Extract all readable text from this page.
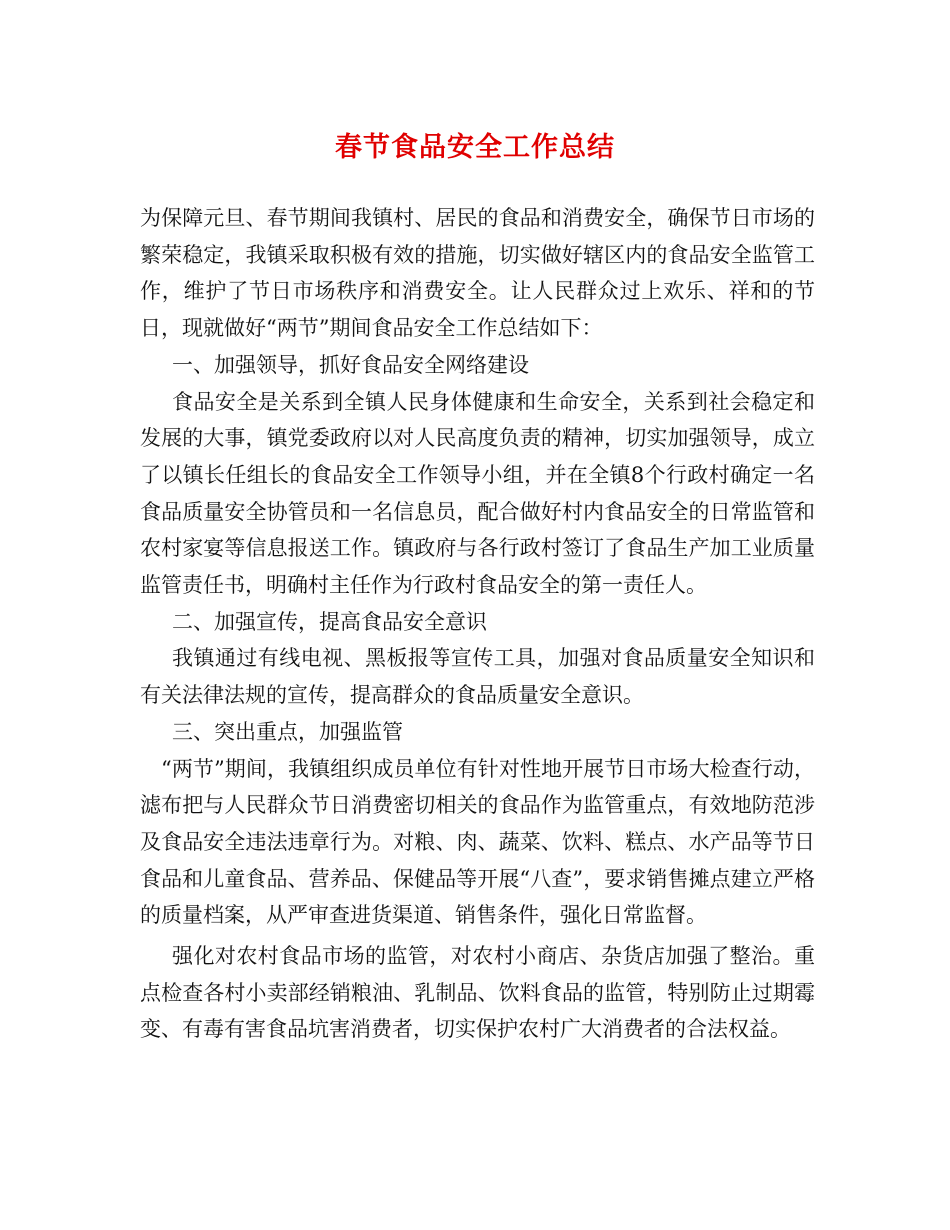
春节食品安全工作总结

为保障元旦、春节期间我镇村、居民的食品和消费安全，确保节日市场的繁荣稳定，我镇采取积极有效的措施，切实做好辖区内的食品安全监管工作，维护了节日市场秩序和消费安全。让人民群众过上欢乐、祥和的节日，现就做好“两节”期间食品安全工作总结如下：

一、加强领导，抓好食品安全网络建设

食品安全是关系到全镇人民身体健康和生命安全，关系到社会稳定和发展的大事，镇党委政府以对人民高度负责的精神，切实加强领导，成立了以镇长任组长的食品安全工作领导小组，并在全镇8个行政村确定一名食品质量安全协管员和一名信息员，配合做好村内食品安全的日常监管和农村家宴等信息报送工作。镇政府与各行政村签订了食品生产加工业质量监管责任书，明确村主任作为行政村食品安全的第一责任人。

二、加强宣传，提高食品安全意识

我镇通过有线电视、黑板报等宣传工具，加强对食品质量安全知识和有关法律法规的宣传，提高群众的食品质量安全意识。

三、突出重点，加强监管

“两节”期间，我镇组织成员单位有针对性地开展节日市场大检查行动，滤布把与人民群众节日消费密切相关的食品作为监管重点，有效地防范涉及食品安全违法违章行为。对粮、肉、蔬菜、饮料、糕点、水产品等节日食品和儿童食品、营养品、保健品等开展“八查”，要求销售摊点建立严格的质量档案，从严审查进货渠道、销售条件，强化日常监督。

强化对农村食品市场的监管，对农村小商店、杂货店加强了整治。重点检查各村小卖部经销粮油、乳制品、饮料食品的监管，特别防止过期霉变、有毒有害食品坑害消费者，切实保护农村广大消费者的合法权益。
